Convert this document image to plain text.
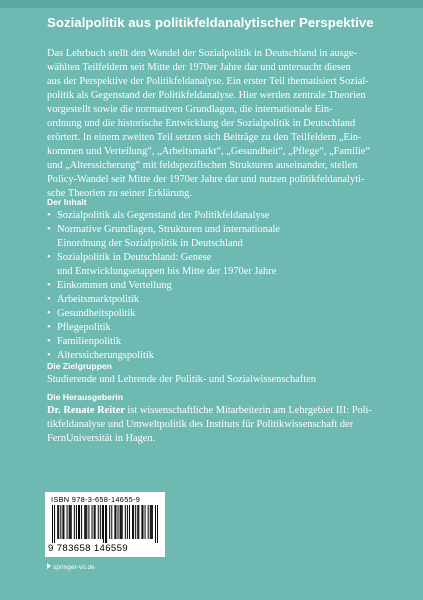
Sozialpolitik aus politikfeldanalytischer Perspektive

Das Lehrbuch stellt den Wandel der Sozialpolitik in Deutschland in ausge-
wählten Teilfeldern seit Mitte der 1970er Jahre dar und untersucht diesen
aus der Perspektive der Politikfeldanalyse. Ein erster Teil thematisiert Sozial-
politik als Gegenstand der Politikfeldanalyse. Hier werden zentrale Theorien
vorgestellt sowie die normativen Grundlagen, die internationale Ein-
ordnung und die historische Entwicklung der Sozialpolitik in Deutschland
erörtert. In einem zweiten Teil setzen sich Beiträge zu den Teilfeldern „Ein-
kommen und Verteilung“, „Arbeitsmarkt“, „Gesundheit“, „Pflege“, „Familie“
und „Alterssicherung“ mit feldspezifischen Strukturen auseinander, stellen
Policy-Wandel seit Mitte der 1970er Jahre dar und nutzen politikfeldanalyti-
sche Theorien zu seiner Erklärung.

Der Inhalt
• Sozialpolitik als Gegenstand der Politikfeldanalyse
• Normative Grundlagen, Strukturen und internationale
Einordnung der Sozialpolitik in Deutschland
• Sozialpolitik in Deutschland: Genese
und Entwicklungsetappen bis Mitte der 1970er Jahre
• Einkommen und Verteilung
• Arbeitsmarktpolitik
• Gesundheitspolitik
• Pflegepolitik
• Familienpolitik
• Alterssicherungspolitik
Die Zielgruppen

Studierende und Lehrende der Politik- und Sozialwissenschaften

Die Herausgeberin

Dr. Renate Reiter ist wissenschaftliche Mitarbeiterin am Lehrgebiet III: Poli-
tikfeldanalyse und Umweltpolitik des Instituts für Politikwissenschaft der
FernUniversität in Hagen.

ISBN 978-3-658-14655-9
9 783658 146559
springer-vs.de
